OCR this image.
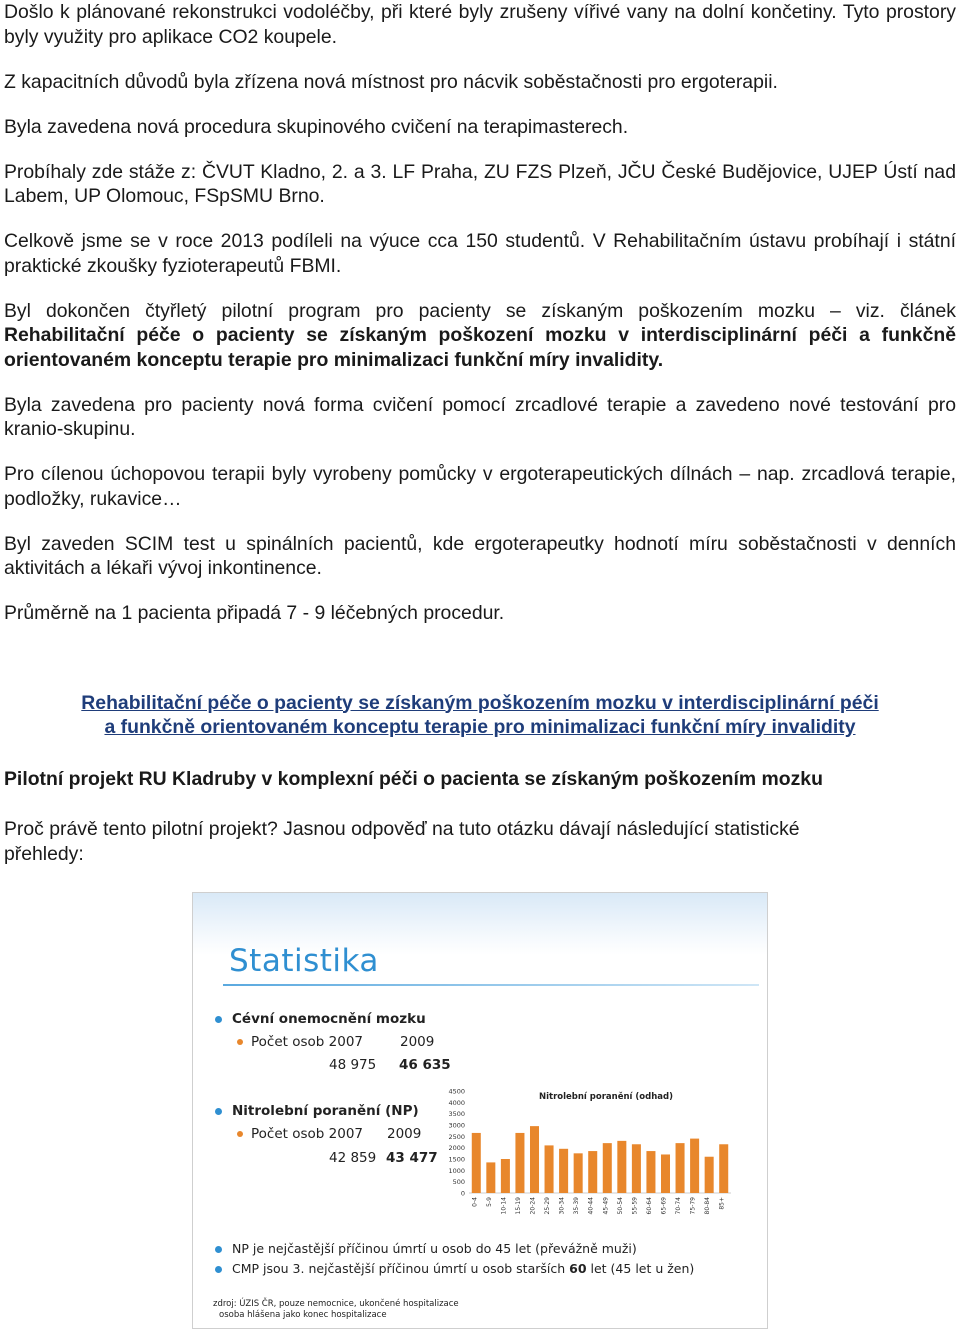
Došlo k plánované rekonstrukci vodoléčby, při které byly zrušeny vířivé vany na dolní končetiny. Tyto prostory byly využity pro aplikace CO2 koupele.

Z kapacitních důvodů byla zřízena nová místnost pro nácvik soběstačnosti pro ergoterapii.

Byla zavedena nová procedura skupinového cvičení na terapimasterech.

Probíhaly zde stáže z: ČVUT Kladno, 2. a 3. LF Praha, ZU FZS Plzeň, JČU České Budějovice, UJEP Ústí nad Labem, UP Olomouc, FSpSMU Brno.

Celkově jsme se v roce 2013 podíleli na výuce cca 150 studentů. V Rehabilitačním ústavu probíhají i státní praktické zkoušky fyzioterapeutů FBMI.

Byl dokončen čtyřletý pilotní program pro pacienty se získaným poškozením mozku – viz. článek Rehabilitační péče o pacienty se získaným poškození mozku v interdisciplinární péči a funkčně orientovaném konceptu terapie pro minimalizaci funkční míry invalidity.

Byla zavedena pro pacienty nová forma cvičení pomocí zrcadlové terapie a zavedeno nové testování pro kranio-skupinu.

Pro cílenou úchopovou terapii byly vyrobeny pomůcky v ergoterapeutických dílnách – nap. zrcadlová terapie, podložky, rukavice…

Byl zaveden SCIM test u spinálních pacientů, kde ergoterapeutky hodnotí míru soběstačnosti v denních aktivitách a lékaři vývoj inkontinence.

Průměrně na 1 pacienta připadá 7 - 9 léčebných procedur.

Rehabilitační péče o pacienty se získaným poškozením mozku v interdisciplinární péči
a funkčně orientovaném konceptu terapie pro minimalizaci funkční míry invalidity

Pilotní projekt RU Kladruby v komplexní péči o pacienta se získaným poškozením mozku

Proč právě tento pilotní projekt? Jasnou odpověď na tuto otázku dávají následující statistické přehledy:

Statistika
Cévní onemocnění mozku
Počet osob 2007	2009
48 975 46 635
Nitrolební poranění (NP)
Počet osob 2007 2009
42 859 43 477
Nitrolební poranění (odhad)
0
500
1000
1500
2000
2500
3000
3500
4000
4500
0-4 5-9 10-14 15-19 20-24 25-29 30-34 35-39 40-44 45-49 50-54 55-59 60-64 65-69 70-74 75-79 80-84 85+
NP je nejčastější příčinou úmrtí u osob do 45 let (převážně muži)
CMP jsou 3. nejčastější příčinou úmrtí u osob starších 60 let (45 let u žen)
zdroj: ÚZIS ČR, pouze nemocnice, ukončené hospitalizace
osoba hlášena jako konec hospitalizace
